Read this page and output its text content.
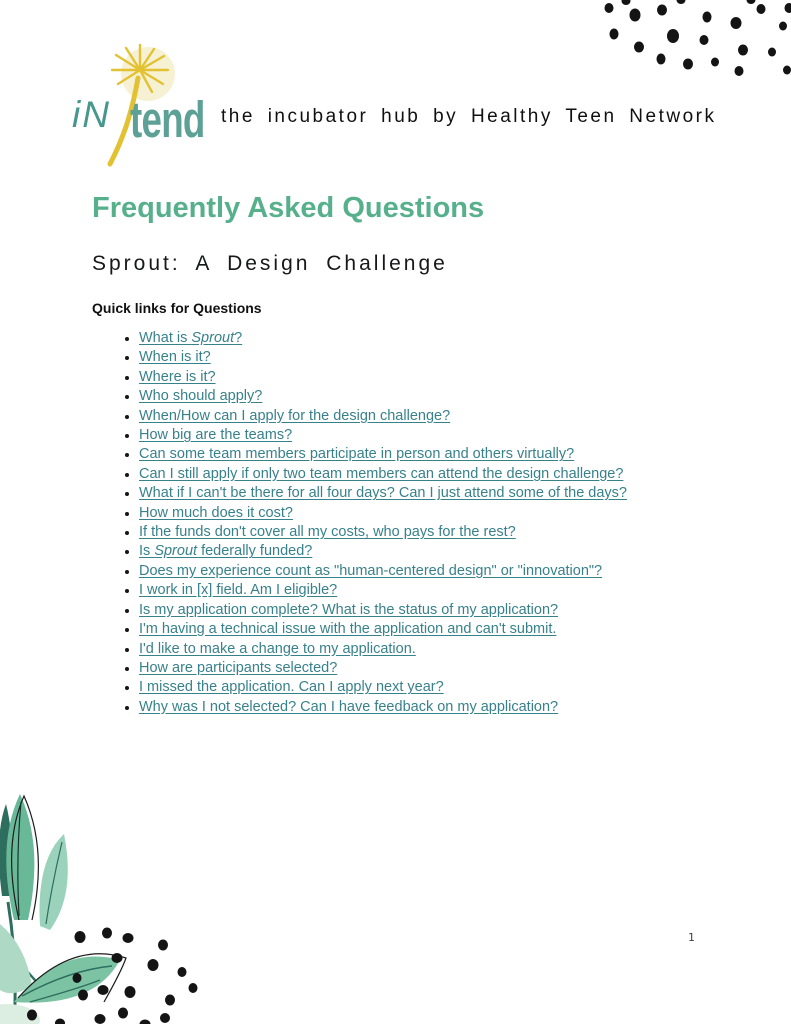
iN tend the incubator hub by Healthy Teen Network
Frequently Asked Questions
Sprout: A Design Challenge
Quick links for Questions
• What is Sprout?
• When is it?
• Where is it?
• Who should apply?
• When/How can I apply for the design challenge?
• How big are the teams?
• Can some team members participate in person and others virtually?
• Can I still apply if only two team members can attend the design challenge?
• What if I can't be there for all four days? Can I just attend some of the days?
• How much does it cost?
• If the funds don't cover all my costs, who pays for the rest?
• Is Sprout federally funded?
• Does my experience count as "human-centered design" or "innovation"?
• I work in [x] field. Am I eligible?
• Is my application complete? What is the status of my application?
• I'm having a technical issue with the application and can't submit.
• I'd like to make a change to my application.
• How are participants selected?
• I missed the application. Can I apply next year?
• Why was I not selected? Can I have feedback on my application?
1
